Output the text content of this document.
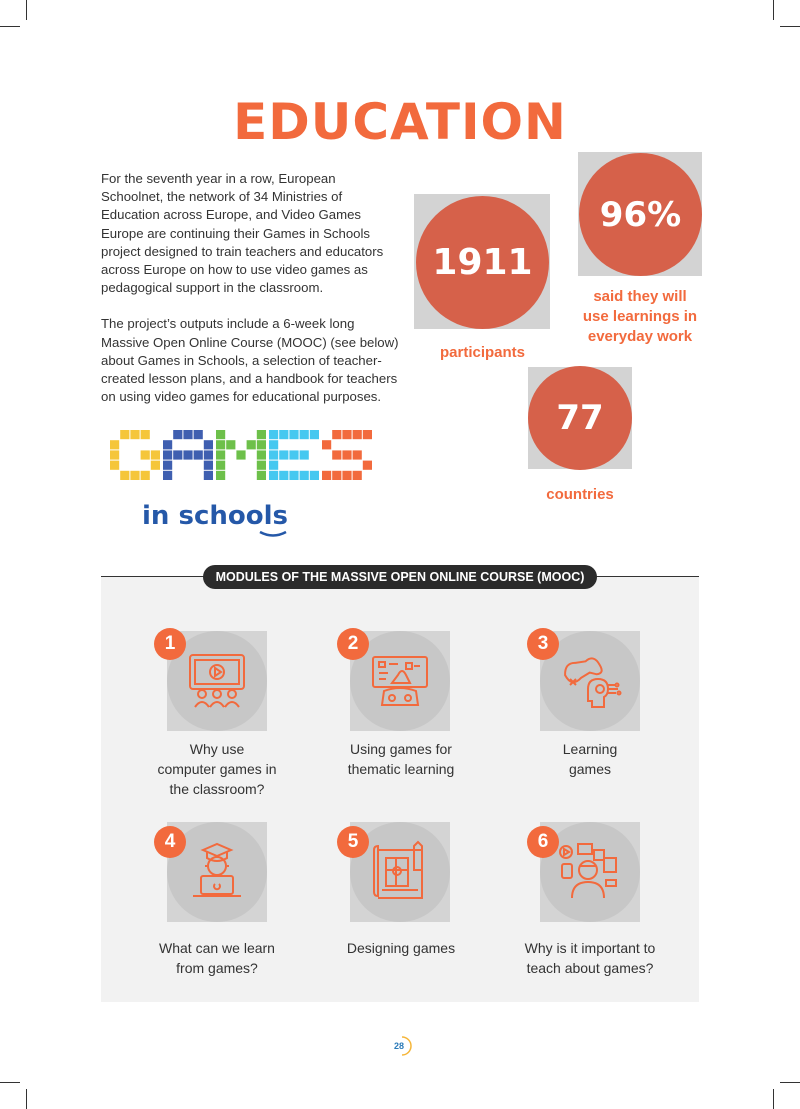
EDUCATION

For the seventh year in a row, European Schoolnet, the network of 34 Ministries of Education across Europe, and Video Games Europe are continuing their Games in Schools project designed to train teachers and educators across Europe on how to use video games as pedagogical support in the classroom.

The project’s outputs include a 6-week long Massive Open Online Course (MOOC) (see below) about Games in Schools, a selection of teacher-created lesson plans, and a handbook for teachers on using video games for educational purposes.

1911
participants
96%
said they will
use learnings in
everyday work
77
countries
in schools
MODULES OF THE MASSIVE OPEN ONLINE COURSE (MOOC)
1
Why use
computer games in
the classroom?
2
Using games for
thematic learning
3
Learning
games
4
What can we learn
from games?
5
Designing games
6
Why is it important to
teach about games?
28
